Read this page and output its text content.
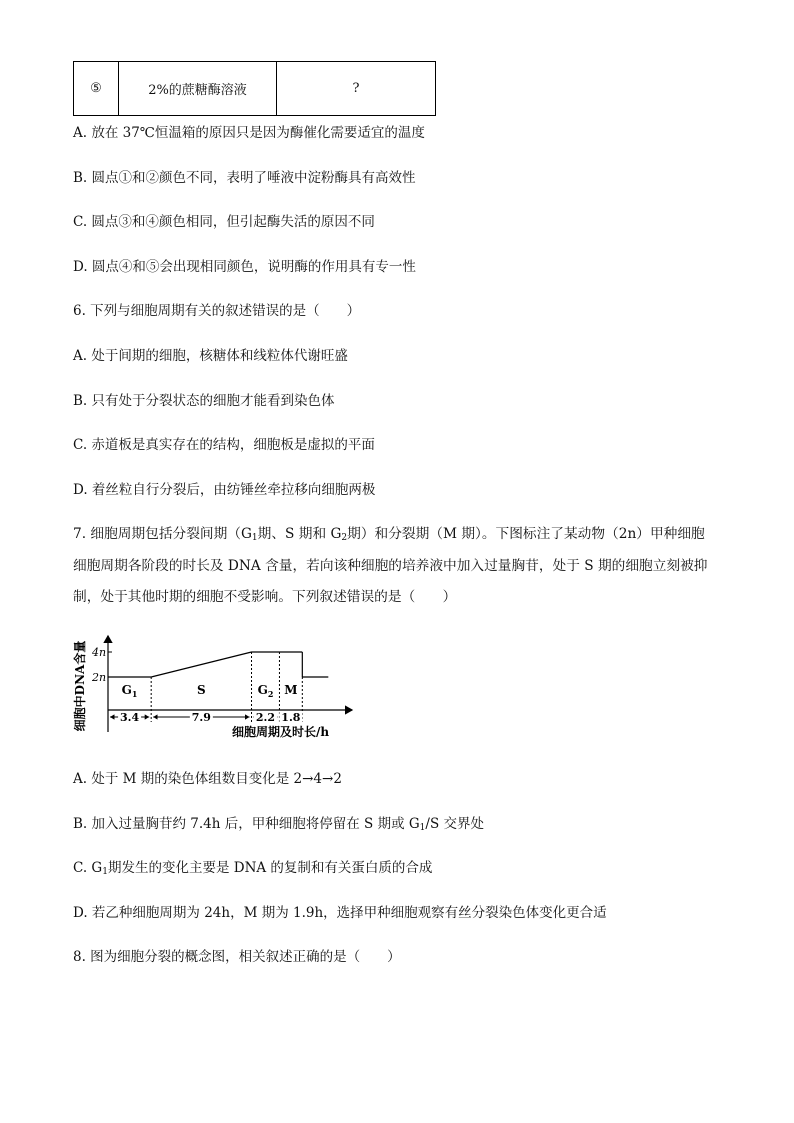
⑤	2%的蔗糖酶溶液	?
A. 放在 37℃恒温箱的原因只是因为酶催化需要适宜的温度
B. 圆点①和②颜色不同，表明了唾液中淀粉酶具有高效性
C. 圆点③和④颜色相同，但引起酶失活的原因不同
D. 圆点④和⑤会出现相同颜色，说明酶的作用具有专一性
6. 下列与细胞周期有关的叙述错误的是（　　）
A. 处于间期的细胞，核糖体和线粒体代谢旺盛
B. 只有处于分裂状态的细胞才能看到染色体
C. 赤道板是真实存在的结构，细胞板是虚拟的平面
D. 着丝粒自行分裂后，由纺锤丝牵拉移向细胞两极
7. 细胞周期包括分裂间期（$G_1$期、S 期和 $G_2$期）和分裂期（M 期）。下图标注了某动物（2n）甲种细胞
细胞周期各阶段的时长及 DNA 含量，若向该种细胞的培养液中加入过量胸苷，处于 S 期的细胞立刻被抑
制，处于其他时期的细胞不受影响。下列叙述错误的是（　　）
细胞中DNA含量 4n
2n
$G_1$
3.4
S
7.9
$G_2$
2.2
M
1.8
细胞周期及时长/h
A. 处于 M 期的染色体组数目变化是 2→4→2
B. 加入过量胸苷约 7.4h 后，甲种细胞将停留在 S 期或 $G_1/S$ 交界处
C. $G_1$期发生的变化主要是 DNA 的复制和有关蛋白质的合成
D. 若乙种细胞周期为 24h，M 期为 1.9h，选择甲种细胞观察有丝分裂染色体变化更合适
8. 图为细胞分裂的概念图，相关叙述正确的是（　　）
